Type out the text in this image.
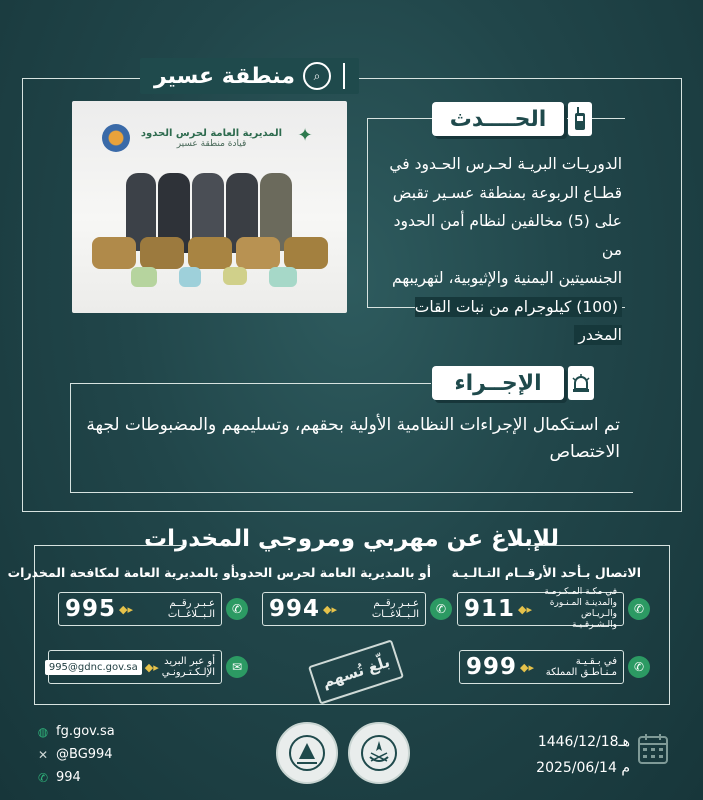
منطقة عسير	⌕
المديرية العامة لحرس الحدود
قيادة منطقة عسير	✦
الحــــدث
الدوريـات البريـة لحـرس الحـدود في
قطـاع الربوعة بمنطقة عسـير تقبض
على (5) مخالفين لنظام أمن الحدود من
الجنسيتين اليمنية والإثيوبية، لتهريبهم
(100) كيلوجرام من نبات القات المخدر
الإجــراء
تم اسـتكمال الإجراءات النظامية الأولية بحقهم، وتسليمهم والمضبوطات لجهة الاختصاص
للإبلاغ عن مهربي ومروجي المخدرات
الاتصال بـأحد الأرقــام التـالـيـة
✆
في مكـة المـكـرمـة والمدينـة المـنـورة والـريـاض والـشـرقـيـة
911 ◆▸
✆
في بـقـيـة مـنـاطـق المملكة
999 ◆▸
أو بالمديرية العامة لحرس الحدود
✆
عـبـر رقــم الـبــلاغــات
994 ◆▸
أو بالمديرية العامة لمكافحة المخدرات
✆
عـبـر رقــم الـبــلاغــات
995 ◆▸
✉
أو عبر البريد الإلـكـتـرونـي
995@gdnc.gov.sa ◆▸	بلّغ تُسهم
◍ fg.gov.sa
✕ @BG994
✆ 994
1446/12/18هـ
2025/06/14 م
